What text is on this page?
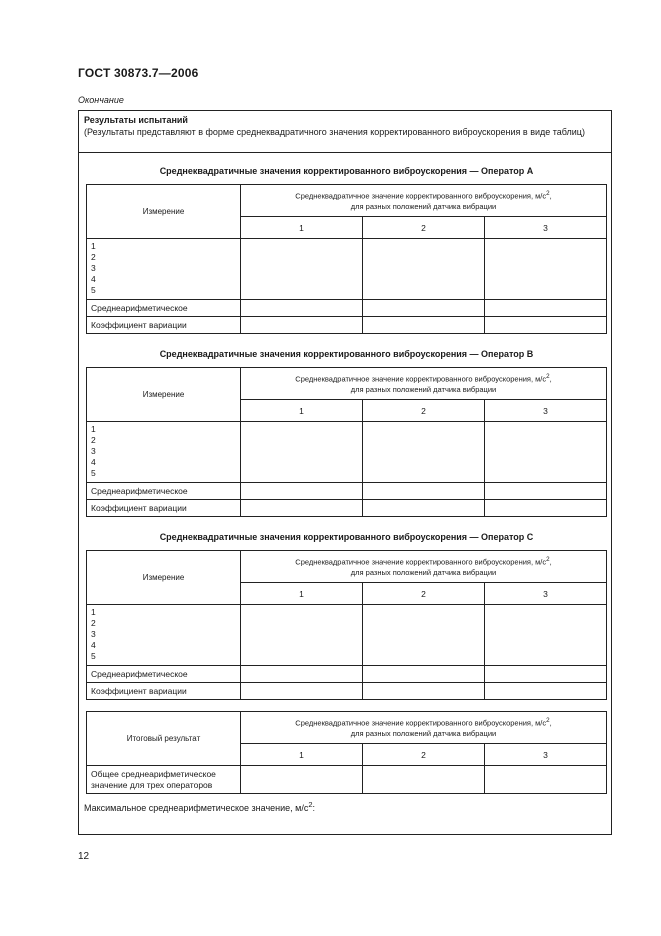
ГОСТ 30873.7—2006
Окончание
Результаты испытаний
(Результаты представляют в форме среднеквадратичного значения корректированного виброускорения в виде таблиц)
Среднеквадратичные значения корректированного виброускорения — Оператор А
Измерение	Среднеквадратичное значение корректированного виброускорения, $м/с^2$,
для разных положений датчика вибрации		
	1	2	3

1
2
3
4
5			

Среднеарифметическое			
Коэффициент вариации			
Среднеквадратичные значения корректированного виброускорения — Оператор В
Измерение	Среднеквадратичное значение корректированного виброускорения, $м/с^2$,
для разных положений датчика вибрации		
	1	2	3

1
2
3
4
5			

Среднеарифметическое			
Коэффициент вариации			
Среднеквадратичные значения корректированного виброускорения — Оператор С
Измерение	Среднеквадратичное значение корректированного виброускорения, $м/с^2$,
для разных положений датчика вибрации		
	1	2	3

1
2
3
4
5			

Среднеарифметическое			
Коэффициент вариации			
Итоговый результат	Среднеквадратичное значение корректированного виброускорения, $м/с^2$,
для разных положений датчика вибрации		
	1	2	3
Общее среднеарифметическое значение для трех операторов			
Максимальное среднеарифметическое значение, $м/с^2$:
12
